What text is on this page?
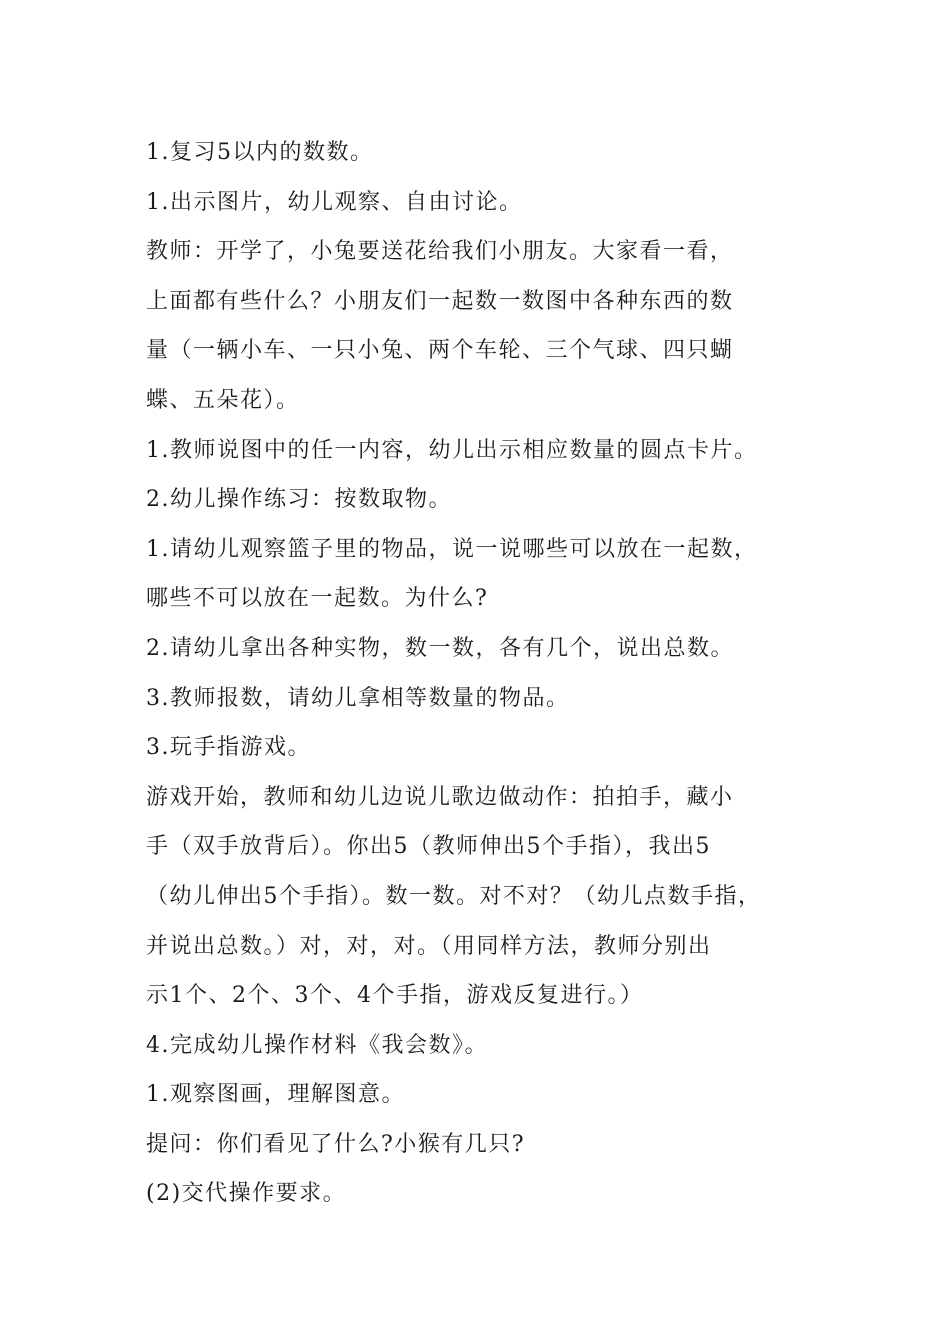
1.复习5以内的数数。
1.出示图片，幼儿观察、自由讨论。
教师：开学了，小兔要送花给我们小朋友。大家看一看，
上面都有些什么？小朋友们一起数一数图中各种东西的数
量（一辆小车、一只小兔、两个车轮、三个气球、四只蝴
蝶、五朵花）。
1.教师说图中的任一内容，幼儿出示相应数量的圆点卡片。
2.幼儿操作练习：按数取物。
1.请幼儿观察篮子里的物品，说一说哪些可以放在一起数，
哪些不可以放在一起数。为什么?
2.请幼儿拿出各种实物，数一数，各有几个，说出总数。
3.教师报数，请幼儿拿相等数量的物品。
3.玩手指游戏。
游戏开始，教师和幼儿边说儿歌边做动作：拍拍手，藏小
手（双手放背后）。你出5（教师伸出5个手指），我出5
（幼儿伸出5个手指）。数一数。对不对？（幼儿点数手指，
并说出总数。）对，对，对。（用同样方法，教师分别出
示1个、2个、3个、4个手指，游戏反复进行。）
4.完成幼儿操作材料《我会数》。
1.观察图画，理解图意。
提问：你们看见了什么?小猴有几只?
(2)交代操作要求。
